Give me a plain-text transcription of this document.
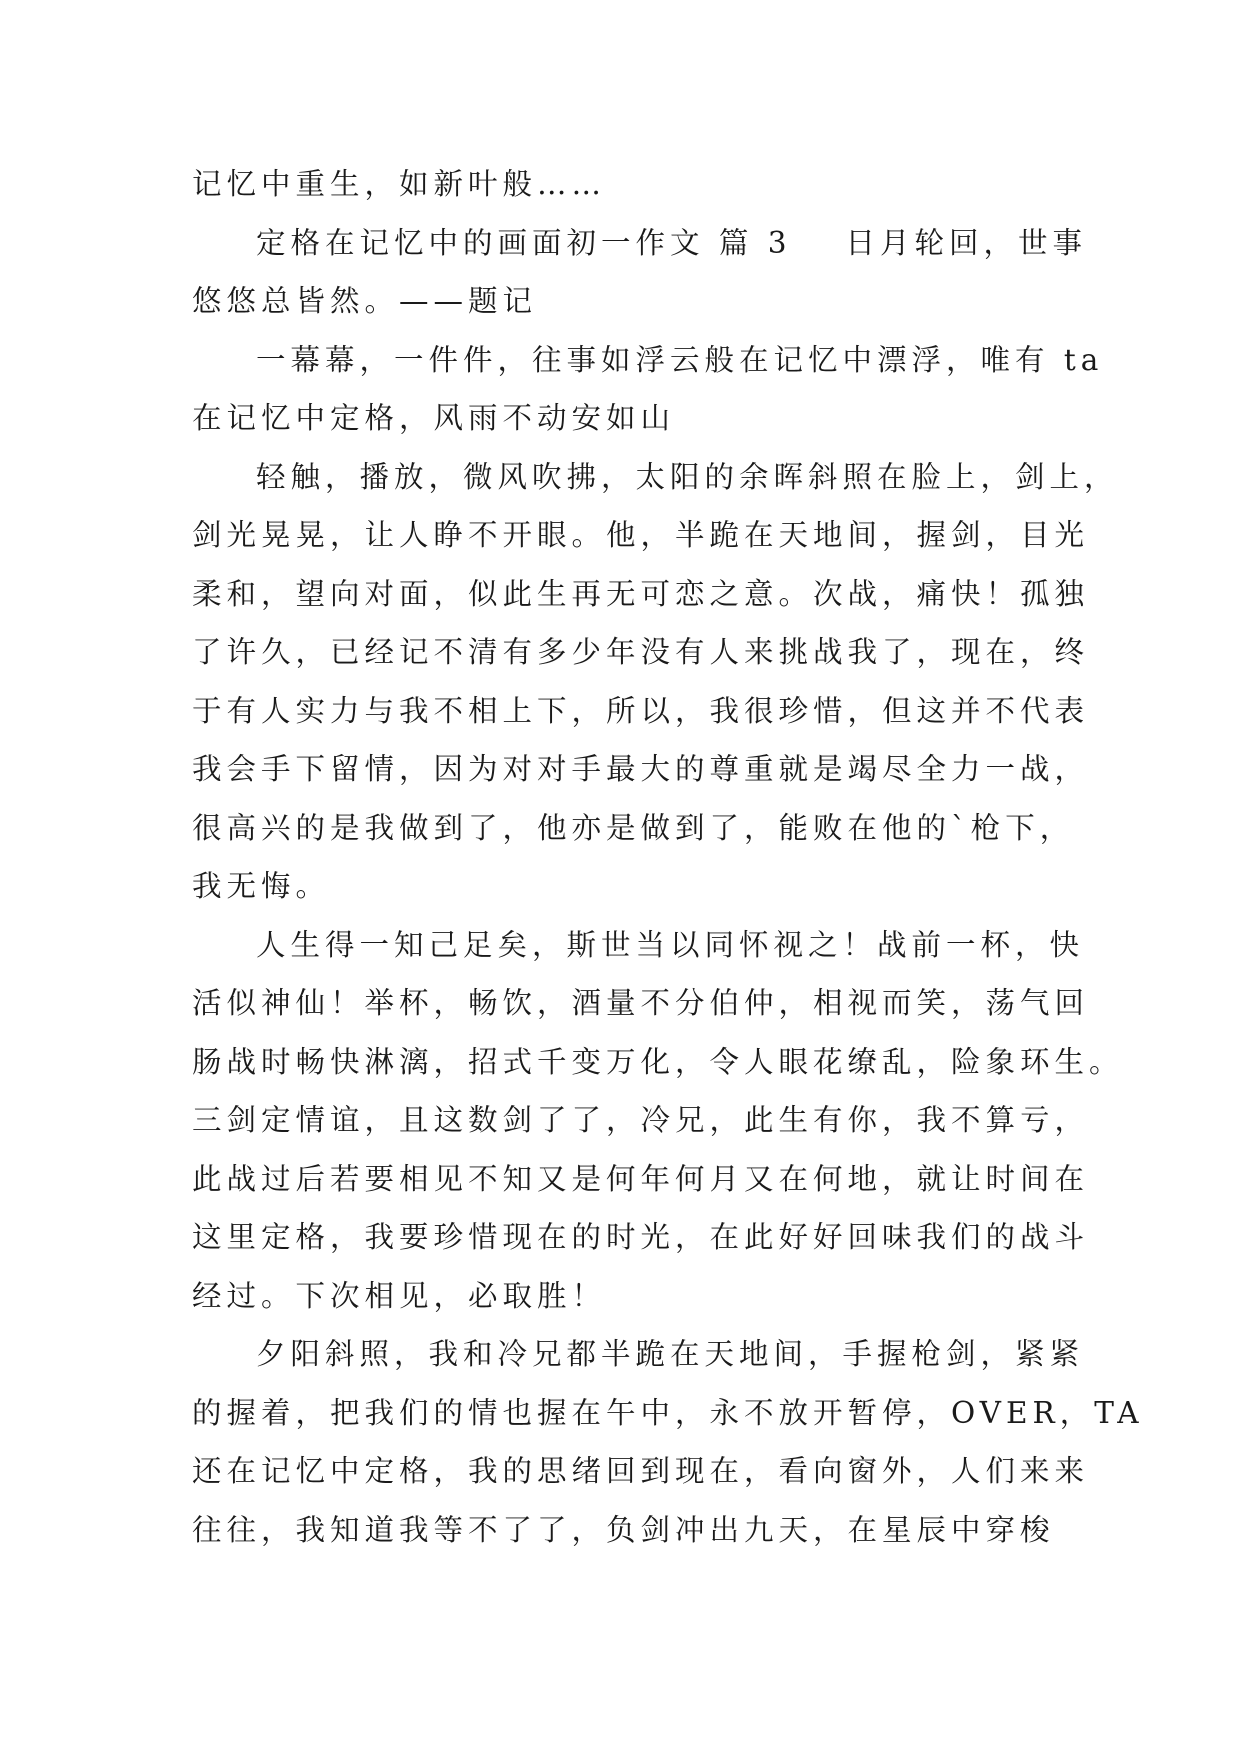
记忆中重生，如新叶般……
定格在记忆中的画面初一作文 篇 3 日月轮回，世事
悠悠总皆然。——题记
一幕幕，一件件，往事如浮云般在记忆中漂浮，唯有 ta
在记忆中定格，风雨不动安如山
轻触，播放，微风吹拂，太阳的余晖斜照在脸上，剑上，
剑光晃晃，让人睁不开眼。他，半跪在天地间，握剑，目光
柔和，望向对面，似此生再无可恋之意。次战，痛快！孤独
了许久，已经记不清有多少年没有人来挑战我了，现在，终
于有人实力与我不相上下，所以，我很珍惜，但这并不代表
我会手下留情，因为对对手最大的尊重就是竭尽全力一战，
很高兴的是我做到了，他亦是做到了，能败在他的`枪下，
我无悔。
人生得一知己足矣，斯世当以同怀视之！战前一杯，快
活似神仙！举杯，畅饮，酒量不分伯仲，相视而笑，荡气回
肠战时畅快淋漓，招式千变万化，令人眼花缭乱，险象环生。
三剑定情谊，且这数剑了了，冷兄，此生有你，我不算亏，
此战过后若要相见不知又是何年何月又在何地，就让时间在
这里定格，我要珍惜现在的时光，在此好好回味我们的战斗
经过。下次相见，必取胜！
夕阳斜照，我和冷兄都半跪在天地间，手握枪剑，紧紧
的握着，把我们的情也握在午中，永不放开暂停，OVER，TA
还在记忆中定格，我的思绪回到现在，看向窗外，人们来来
往往，我知道我等不了了，负剑冲出九天，在星辰中穿梭
